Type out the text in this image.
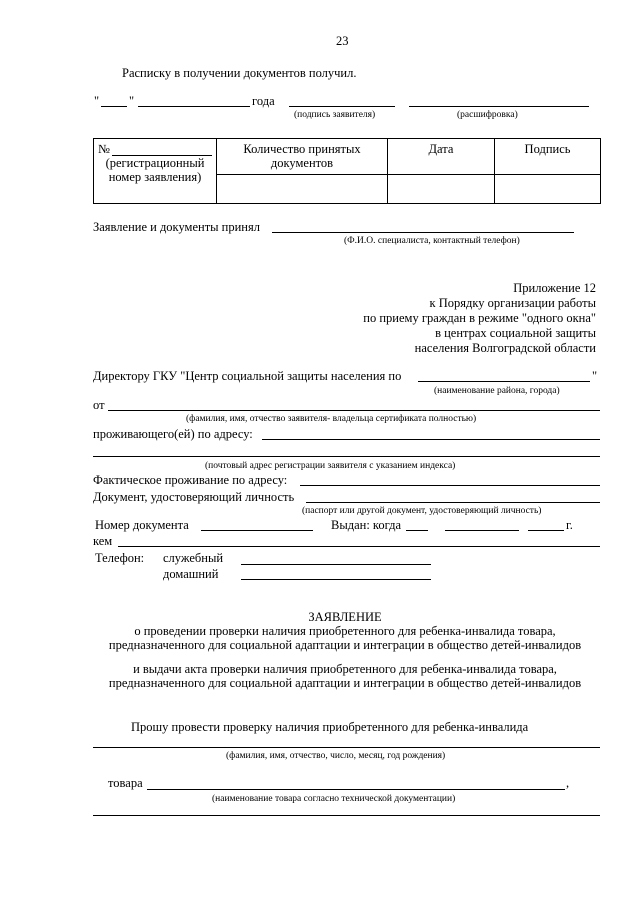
23
Расписку в получении документов получил.
" "	года
(подпись заявителя)	(расшифровка)
№
(регистрационный номер заявления)	Количество принятых документов	Дата	Подпись

Заявление и документы принял
(Ф.И.О. специалиста, контактный телефон)
Приложение 12
к Порядку организации работы
по приему граждан в режиме "одного окна"
в центрах социальной защиты
населения Волгоградской области
Директору ГКУ "Центр социальной защиты населения по	"
(наименование района, города)
от
(фамилия, имя, отчество заявителя- владельца сертификата полностью)
проживающего(ей) по адресу:
(почтовый адрес регистрации заявителя с указанием индекса)
Фактическое проживание по адресу:
Документ, удостоверяющий личность
(паспорт или другой документ, удостоверяющий личность)
Номер документа	Выдан: когда	г.
кем
Телефон: служебный
домашний
ЗАЯВЛЕНИЕ
о проведении проверки наличия приобретенного для ребенка-инвалида товара,
предназначенного для социальной адаптации и интеграции в общество детей-инвалидов
и выдачи акта проверки наличия приобретенного для ребенка-инвалида товара,
предназначенного для социальной адаптации и интеграции в общество детей-инвалидов
Прошу провести проверку наличия приобретенного для ребенка-инвалида
(фамилия, имя, отчество, число, месяц, год рождения)
товара	,
(наименование товара согласно технической документации)
